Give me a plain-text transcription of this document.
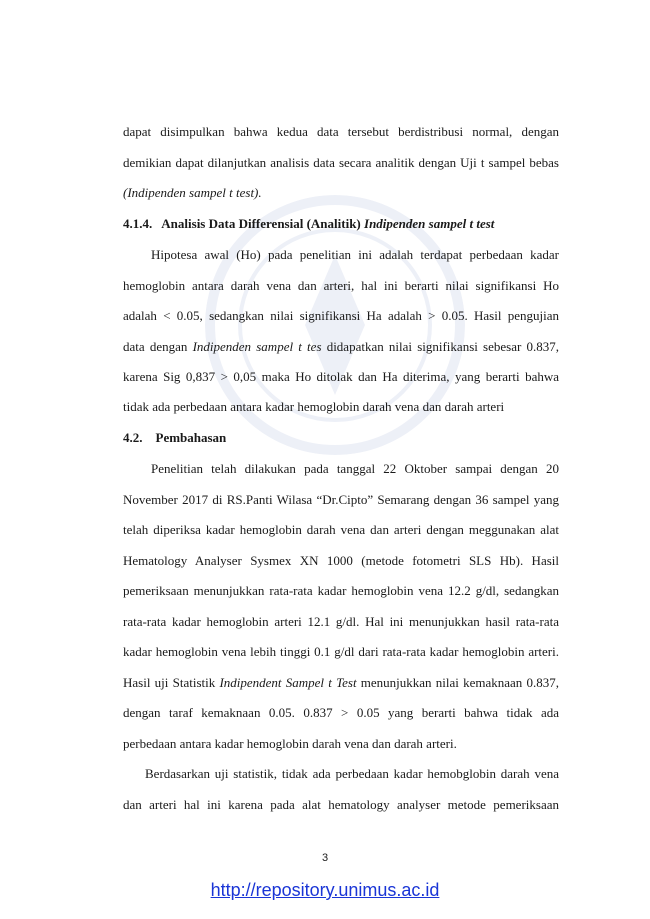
dapat disimpulkan bahwa kedua data tersebut berdistribusi normal, dengan
demikian dapat dilanjutkan analisis data secara analitik dengan Uji t sampel bebas
(Indipenden sampel t test).
4.1.4. Analisis Data Differensial (Analitik) Indipenden sampel t test
Hipotesa awal (Ho) pada penelitian ini adalah terdapat perbedaan kadar
hemoglobin antara darah vena dan arteri, hal ini berarti nilai signifikansi Ho
adalah < 0.05, sedangkan nilai signifikansi Ha adalah > 0.05. Hasil pengujian
data dengan Indipenden sampel t tes didapatkan nilai signifikansi sebesar 0.837,
karena Sig 0,837 > 0,05 maka Ho ditolak dan Ha diterima, yang berarti bahwa
tidak ada perbedaan antara kadar hemoglobin darah vena dan darah arteri
4.2. Pembahasan
Penelitian telah dilakukan pada tanggal 22 Oktober sampai dengan 20
November 2017 di RS.Panti Wilasa “Dr.Cipto” Semarang dengan 36 sampel yang
telah diperiksa kadar hemoglobin darah vena dan arteri dengan meggunakan alat
Hematology Analyser Sysmex XN 1000 (metode fotometri SLS Hb). Hasil
pemeriksaan menunjukkan rata-rata kadar hemoglobin vena 12.2 g/dl, sedangkan
rata-rata kadar hemoglobin arteri 12.1 g/dl. Hal ini menunjukkan hasil rata-rata
kadar hemoglobin vena lebih tinggi 0.1 g/dl dari rata-rata kadar hemoglobin arteri.
Hasil uji Statistik Indipendent Sampel t Test menunjukkan nilai kemaknaan 0.837,
dengan taraf kemaknaan 0.05. 0.837 > 0.05 yang berarti bahwa tidak ada
perbedaan antara kadar hemoglobin darah vena dan darah arteri.
Berdasarkan uji statistik, tidak ada perbedaan kadar hemobglobin darah vena
dan arteri hal ini karena pada alat hematology analyser metode pemeriksaan
3
http://repository.unimus.ac.id
